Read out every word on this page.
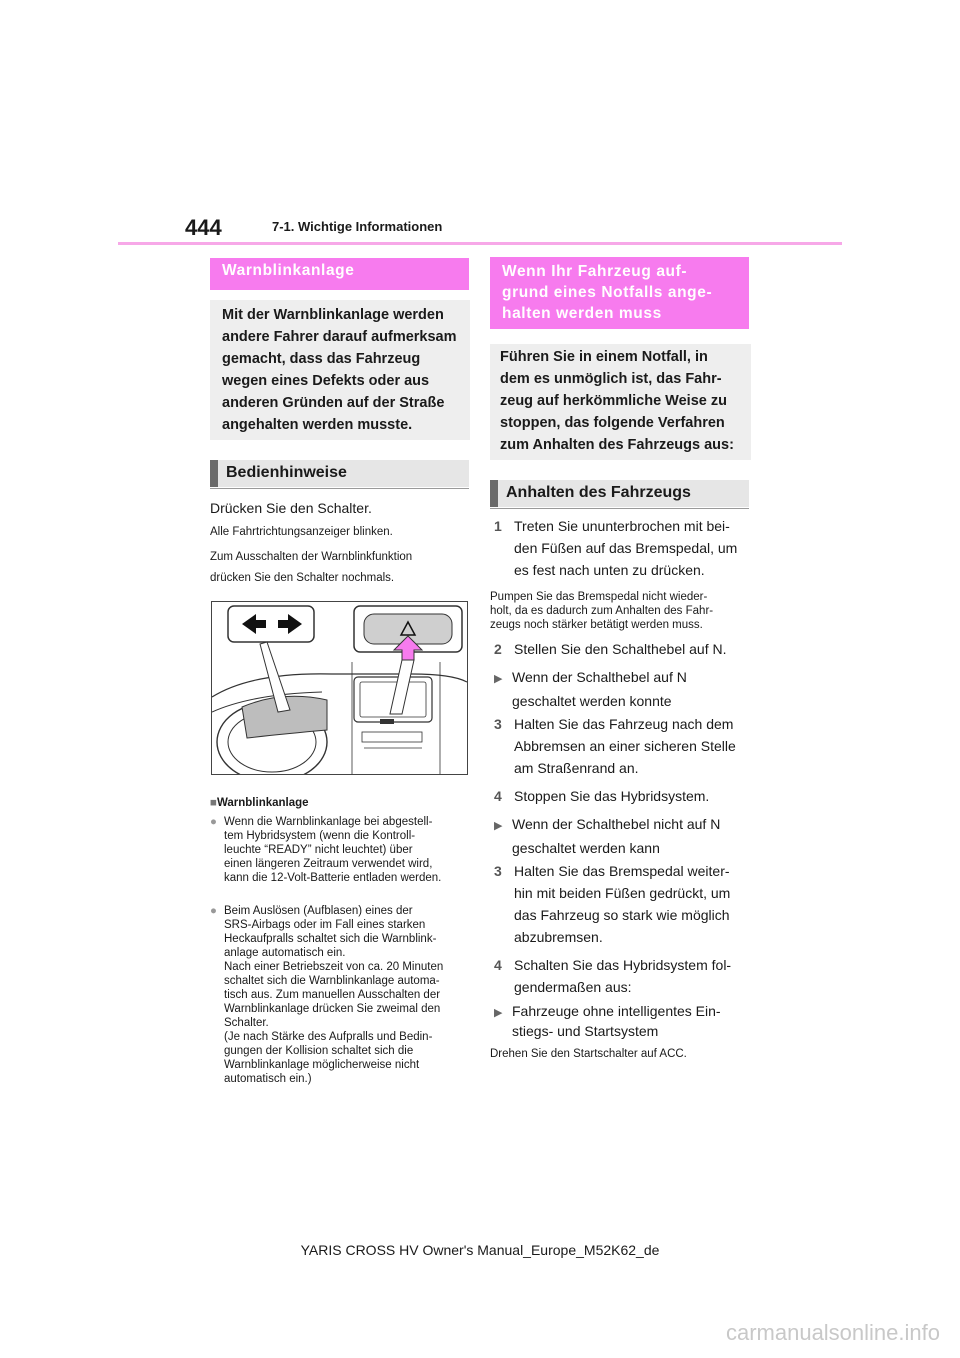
444	7-1. Wichtige Informationen
Warnblinkanlage
Mit der Warnblinkanlage werden
andere Fahrer darauf aufmerksam
gemacht, dass das Fahrzeug
wegen eines Defekts oder aus
anderen Gründen auf der Straße
angehalten werden musste.
Bedienhinweise
Drücken Sie den Schalter.
Alle Fahrtrichtungsanzeiger blinken.
Zum Ausschalten der Warnblinkfunktion
drücken Sie den Schalter nochmals.
■Warnblinkanlage
● Wenn die Warnblinkanlage bei abgestell-
tem Hybridsystem (wenn die Kontroll-
leuchte “READY” nicht leuchtet) über
einen längeren Zeitraum verwendet wird,
kann die 12-Volt-Batterie entladen werden.
● Beim Auslösen (Aufblasen) eines der
SRS-Airbags oder im Fall eines starken
Heckaufpralls schaltet sich die Warnblink-
anlage automatisch ein.
Nach einer Betriebszeit von ca. 20 Minuten
schaltet sich die Warnblinkanlage automa-
tisch aus. Zum manuellen Ausschalten der
Warnblinkanlage drücken Sie zweimal den
Schalter.
(Je nach Stärke des Aufpralls und Bedin-
gungen der Kollision schaltet sich die
Warnblinkanlage möglicherweise nicht
automatisch ein.)
Wenn Ihr Fahrzeug auf-
grund eines Notfalls ange-
halten werden muss
Führen Sie in einem Notfall, in
dem es unmöglich ist, das Fahr-
zeug auf herkömmliche Weise zu
stoppen, das folgende Verfahren
zum Anhalten des Fahrzeugs aus:
Anhalten des Fahrzeugs
1 Treten Sie ununterbrochen mit bei-
den Füßen auf das Bremspedal, um
es fest nach unten zu drücken.
Pumpen Sie das Bremspedal nicht wieder-
holt, da es dadurch zum Anhalten des Fahr-
zeugs noch stärker betätigt werden muss.
2 Stellen Sie den Schalthebel auf N.
▶ Wenn der Schalthebel auf N
geschaltet werden konnte
3 Halten Sie das Fahrzeug nach dem
Abbremsen an einer sicheren Stelle
am Straßenrand an.
4 Stoppen Sie das Hybridsystem.
▶ Wenn der Schalthebel nicht auf N
geschaltet werden kann
3 Halten Sie das Bremspedal weiter-
hin mit beiden Füßen gedrückt, um
das Fahrzeug so stark wie möglich
abzubremsen.
4 Schalten Sie das Hybridsystem fol-
gendermaßen aus:
▶ Fahrzeuge ohne intelligentes Ein-
stiegs- und Startsystem
Drehen Sie den Startschalter auf ACC.
YARIS CROSS HV Owner's Manual_Europe_M52K62_de
carmanualsonline.info
